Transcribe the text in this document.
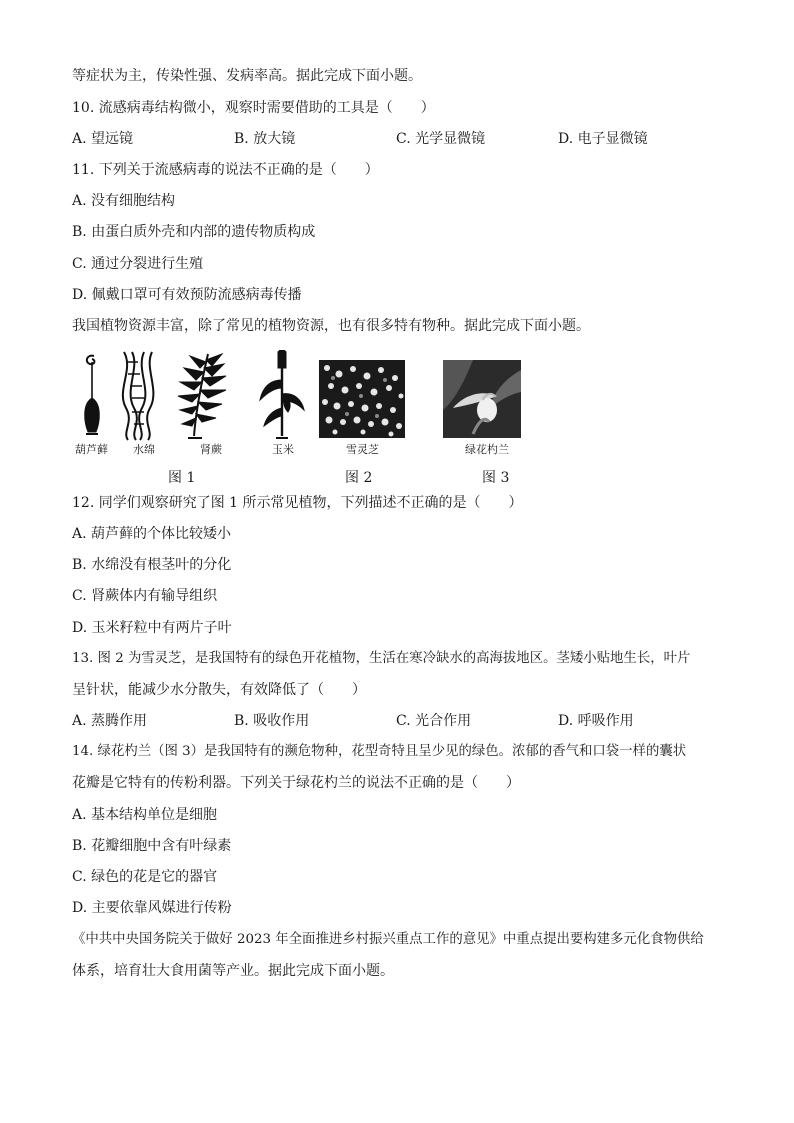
等症状为主，传染性强、发病率高。据此完成下面小题。
10. 流感病毒结构微小，观察时需要借助的工具是（　　）
A. 望远镜	B. 放大镜	C. 光学显微镜	D. 电子显微镜
11. 下列关于流感病毒的说法不正确的是（　　）
A. 没有细胞结构
B. 由蛋白质外壳和内部的遗传物质构成
C. 通过分裂进行生殖
D. 佩戴口罩可有效预防流感病毒传播
我国植物资源丰富，除了常见的植物资源，也有很多特有物种。据此完成下面小题。
葫芦藓 水绵	肾蕨	玉米	雪灵芝	绿花杓兰
图 1	图 2	图 3
12. 同学们观察研究了图 1 所示常见植物，下列描述不正确的是（　　）
A. 葫芦藓的个体比较矮小
B. 水绵没有根茎叶的分化
C. 肾蕨体内有输导组织
D. 玉米籽粒中有两片子叶
13. 图 2 为雪灵芝，是我国特有的绿色开花植物，生活在寒冷缺水的高海拔地区。茎矮小贴地生长，叶片
呈针状，能减少水分散失，有效降低了（　　）
A. 蒸腾作用	B. 吸收作用	C. 光合作用	D. 呼吸作用
14. 绿花杓兰（图 3）是我国特有的濒危物种，花型奇特且呈少见的绿色。浓郁的香气和口袋一样的囊状
花瓣是它特有的传粉利器。下列关于绿花杓兰的说法不正确的是（　　）
A. 基本结构单位是细胞
B. 花瓣细胞中含有叶绿素
C. 绿色的花是它的器官
D. 主要依靠风媒进行传粉
《中共中央国务院关于做好 2023 年全面推进乡村振兴重点工作的意见》中重点提出要构建多元化食物供给
体系，培育壮大食用菌等产业。据此完成下面小题。
